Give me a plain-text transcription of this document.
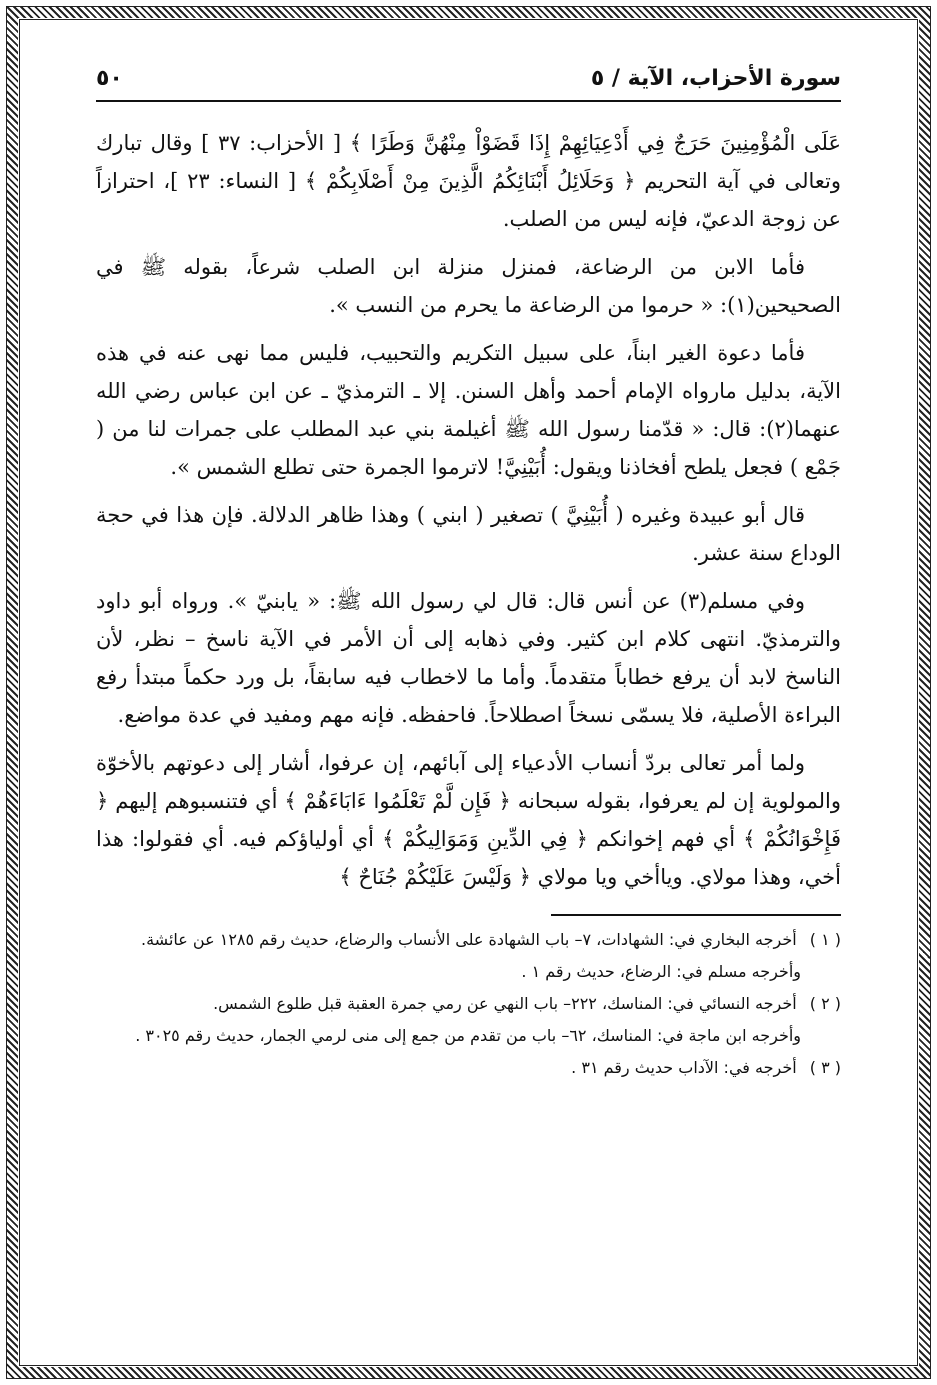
سورة الأحزاب، الآية / ٥
٥٠

عَلَى الْمُؤْمِنِينَ حَرَجٌ فِي أَدْعِيَائِهِمْ إِذَا قَضَوْاْ مِنْهُنَّ وَطَرًا ﴾ [ الأحزاب: ٣٧ ] وقال تبارك وتعالى في آية التحريم ﴿ وَحَلَائِلُ أَبْنَائِكُمُ الَّذِينَ مِنْ أَصْلَابِكُمْ ﴾ [ النساء: ٢٣ ]، احترازاً عن زوجة الدعيّ، فإنه ليس من الصلب.

فأما الابن من الرضاعة، فمنزل منزلة ابن الصلب شرعاً، بقوله ﷺ في الصحيحين(١): « حرموا من الرضاعة ما يحرم من النسب ».

فأما دعوة الغير ابناً، على سبيل التكريم والتحبيب، فليس مما نهى عنه في هذه الآية، بدليل مارواه الإمام أحمد وأهل السنن. إلا ـ الترمذيّ ـ عن ابن عباس رضي الله عنهما(٢): قال: « قدّمنا رسول الله ﷺ أغيلمة بني عبد المطلب على جمرات لنا من ( جَمْع ) فجعل يلطح أفخاذنا ويقول: أُبَيْنِيَّ! لاترموا الجمرة حتى تطلع الشمس ».

قال أبو عبيدة وغيره ( أُبَيْنِيَّ ) تصغير ( ابني ) وهذا ظاهر الدلالة. فإن هذا في حجة الوداع سنة عشر.

وفي مسلم(٣) عن أنس قال: قال لي رسول الله ﷺ: « يابنيّ ». ورواه أبو داود والترمذيّ. انتهى كلام ابن كثير. وفي ذهابه إلى أن الأمر في الآية ناسخ – نظر، لأن الناسخ لابد أن يرفع خطاباً متقدماً. وأما ما لاخطاب فيه سابقاً، بل ورد حكماً مبتدأ رفع البراءة الأصلية، فلا يسمّى نسخاً اصطلاحاً. فاحفظه. فإنه مهم ومفيد في عدة مواضع.

ولما أمر تعالى بردّ أنساب الأدعياء إلى آبائهم، إن عرفوا، أشار إلى دعوتهم بالأخوّة والمولوية إن لم يعرفوا، بقوله سبحانه ﴿ فَإِن لَّمْ تَعْلَمُوا ءَابَاءَهُمْ ﴾ أي فتنسبوهم إليهم ﴿ فَإِخْوَانُكُمْ ﴾ أي فهم إخوانكم ﴿ فِي الدِّينِ وَمَوَالِيكُمْ ﴾ أي أولياؤكم فيه. أي فقولوا: هذا أخي، وهذا مولاي. وياأخي ويا مولاي ﴿ وَلَيْسَ عَلَيْكُمْ جُنَاحٌ ﴾

( ١ ) أخرجه البخاري في: الشهادات، ٧– باب الشهادة على الأنساب والرضاع، حديث رقم ١٢٨٥ عن عائشة.
وأخرجه مسلم في: الرضاع، حديث رقم ١ .
( ٢ ) أخرجه النسائي في: المناسك، ٢٢٢– باب النهي عن رمي جمرة العقبة قبل طلوع الشمس.
وأخرجه ابن ماجة في: المناسك، ٦٢– باب من تقدم من جمع إلى منى لرمي الجمار، حديث رقم ٣٠٢٥ .
( ٣ ) أخرجه في: الآداب حديث رقم ٣١ .
